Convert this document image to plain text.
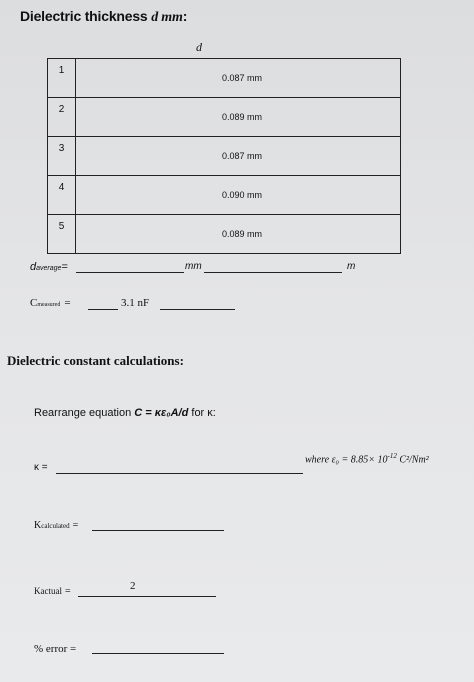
Dielectric thickness d mm:
d
1	0.087 mm
2	0.089 mm
3	0.087 mm
4	0.090 mm
5	0.089 mm
daverage=	mm	m
Cmeasured =	3.1 nF
Dielectric constant calculations:
Rearrange equation C = κε₀A/d for κ:
κ =
where $\varepsilon_0 = 8.85\times 10^{-12}$ C²/Nm²
Kcalculated =
Kactual =	2
% error =
